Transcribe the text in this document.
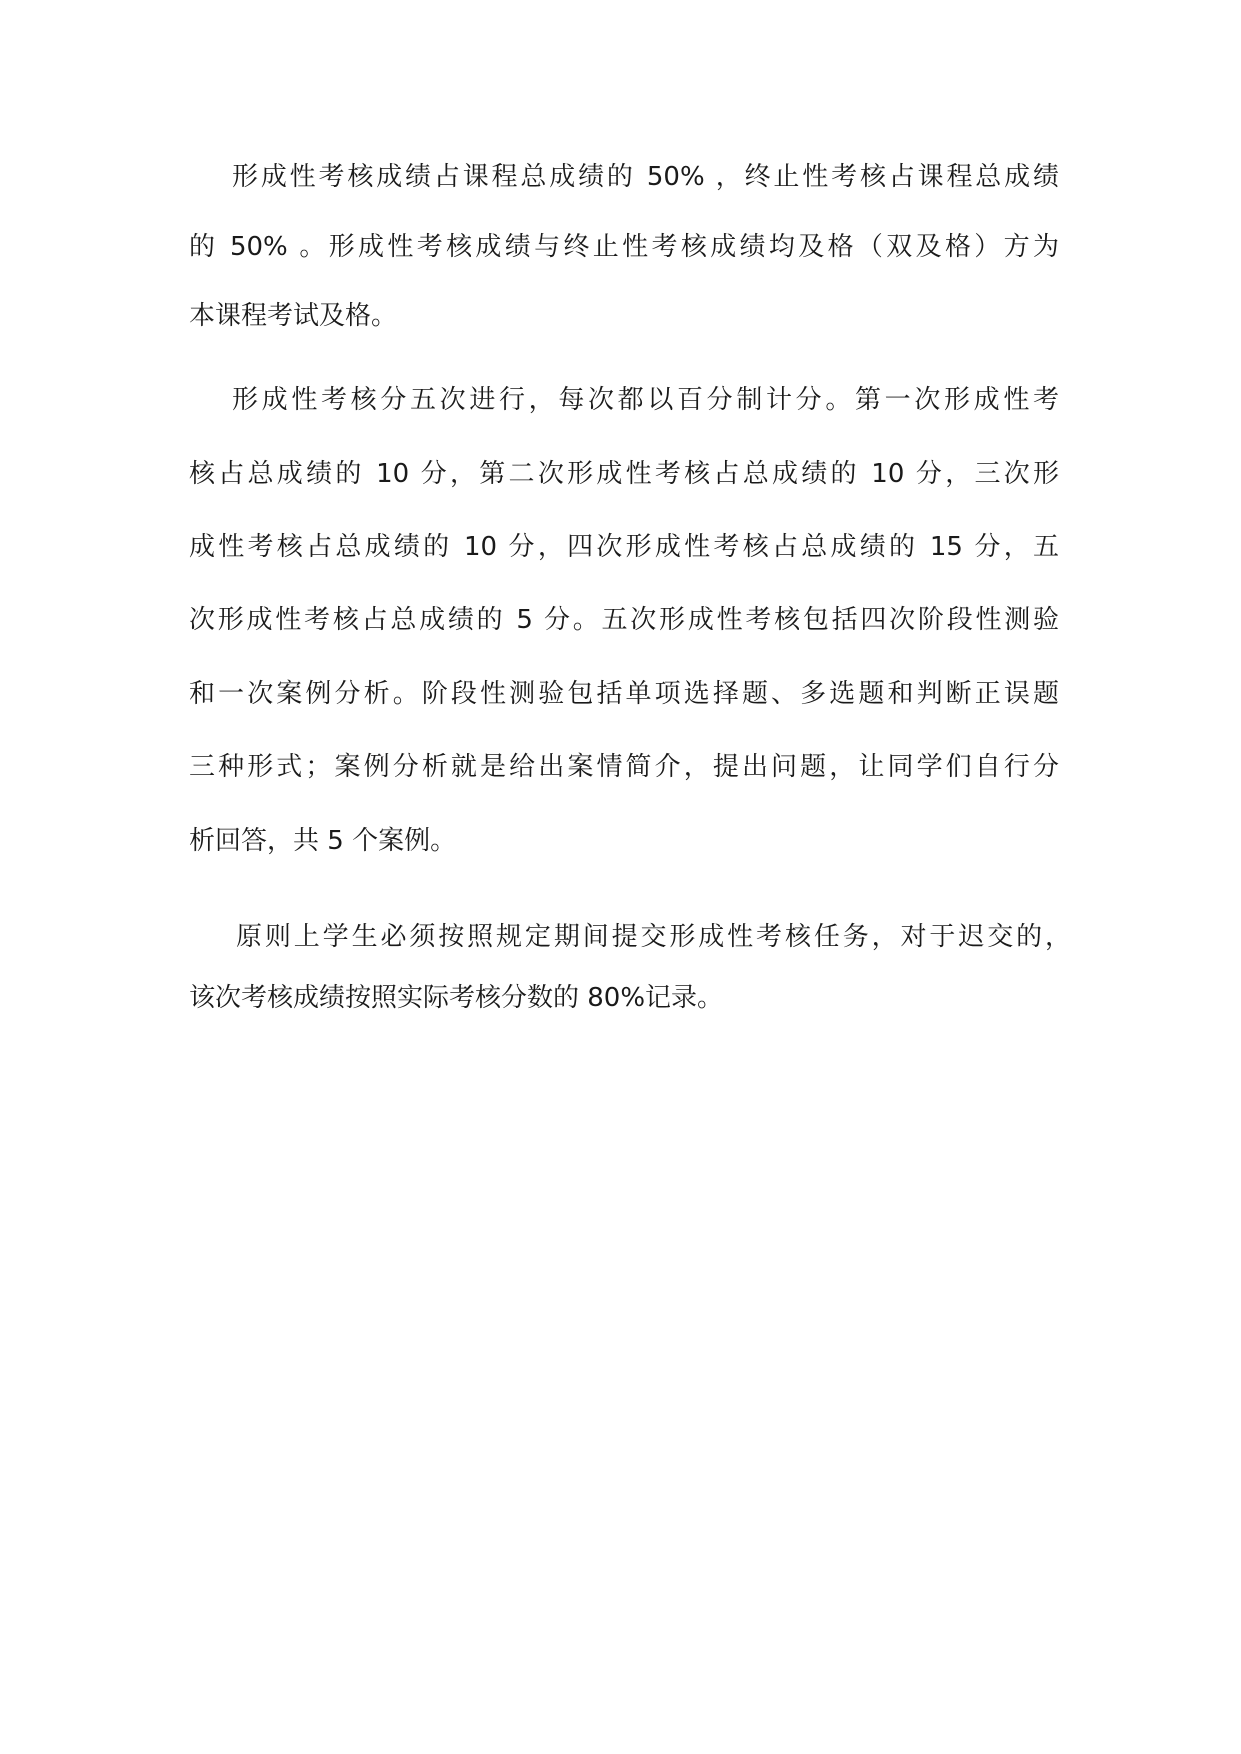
形成性考核成绩占课程总成绩的 50% ，终止性考核占课程总成绩
的 50% 。形成性考核成绩与终止性考核成绩均及格（双及格）方为
本课程考试及格。
形成性考核分五次进行，每次都以百分制计分。第一次形成性考
核占总成绩的 10 分，第二次形成性考核占总成绩的 10 分，三次形
成性考核占总成绩的 10 分，四次形成性考核占总成绩的 15 分，五
次形成性考核占总成绩的 5 分。五次形成性考核包括四次阶段性测验
和一次案例分析。阶段性测验包括单项选择题、多选题和判断正误题
三种形式；案例分析就是给出案情简介，提出问题，让同学们自行分
析回答，共 5 个案例。
原则上学生必须按照规定期间提交形成性考核任务，对于迟交的，
该次考核成绩按照实际考核分数的 80%记录。
